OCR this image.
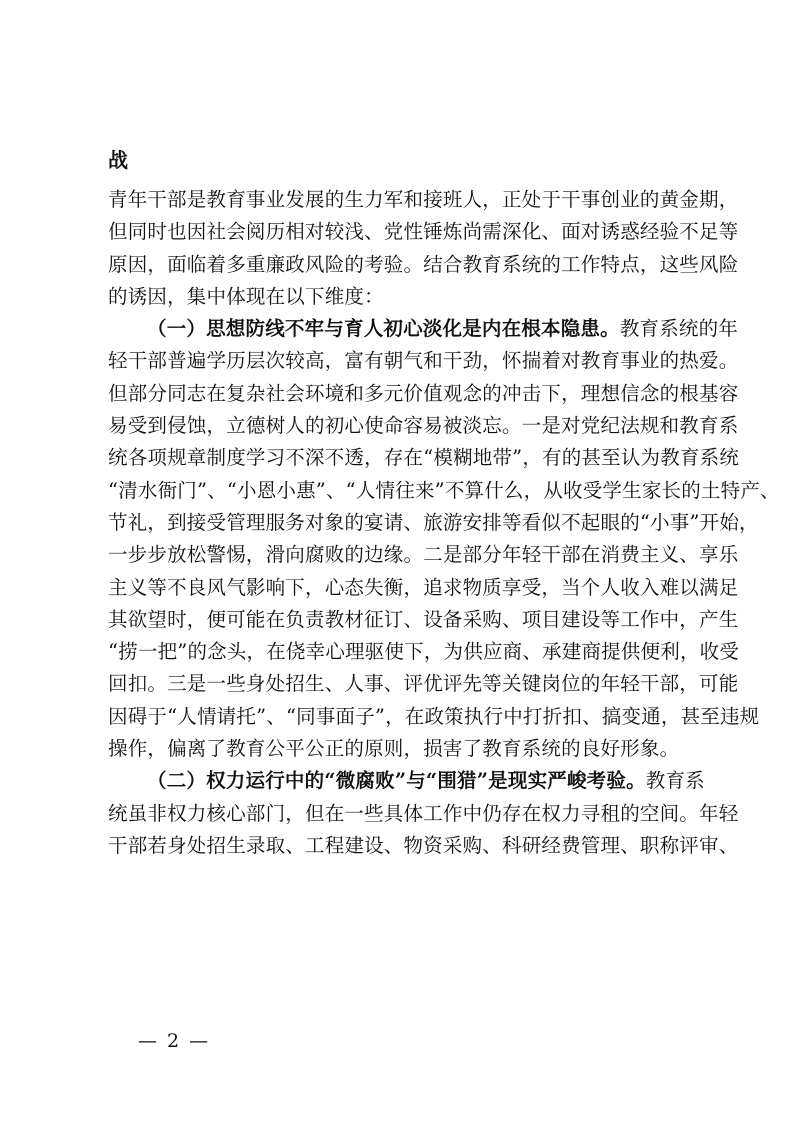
战
青年干部是教育事业发展的生力军和接班人，正处于干事创业的黄金期，
但同时也因社会阅历相对较浅、党性锤炼尚需深化、面对诱惑经验不足等
原因，面临着多重廉政风险的考验。结合教育系统的工作特点，这些风险
的诱因，集中体现在以下维度：
（一）思想防线不牢与育人初心淡化是内在根本隐患。教育系统的年
轻干部普遍学历层次较高，富有朝气和干劲，怀揣着对教育事业的热爱。
但部分同志在复杂社会环境和多元价值观念的冲击下，理想信念的根基容
易受到侵蚀，立德树人的初心使命容易被淡忘。一是对党纪法规和教育系
统各项规章制度学习不深不透，存在“模糊地带”，有的甚至认为教育系统
“清水衙门”、“小恩小惠”、“人情往来”不算什么，从收受学生家长的土特产、
节礼，到接受管理服务对象的宴请、旅游安排等看似不起眼的“小事”开始，
一步步放松警惕，滑向腐败的边缘。二是部分年轻干部在消费主义、享乐
主义等不良风气影响下，心态失衡，追求物质享受，当个人收入难以满足
其欲望时，便可能在负责教材征订、设备采购、项目建设等工作中，产生
“捞一把”的念头，在侥幸心理驱使下，为供应商、承建商提供便利，收受
回扣。三是一些身处招生、人事、评优评先等关键岗位的年轻干部，可能
因碍于“人情请托”、“同事面子”，在政策执行中打折扣、搞变通，甚至违规
操作，偏离了教育公平公正的原则，损害了教育系统的良好形象。
（二）权力运行中的“微腐败”与“围猎”是现实严峻考验。教育系
统虽非权力核心部门，但在一些具体工作中仍存在权力寻租的空间。年轻
干部若身处招生录取、工程建设、物资采购、科研经费管理、职称评审、
— 2 —
